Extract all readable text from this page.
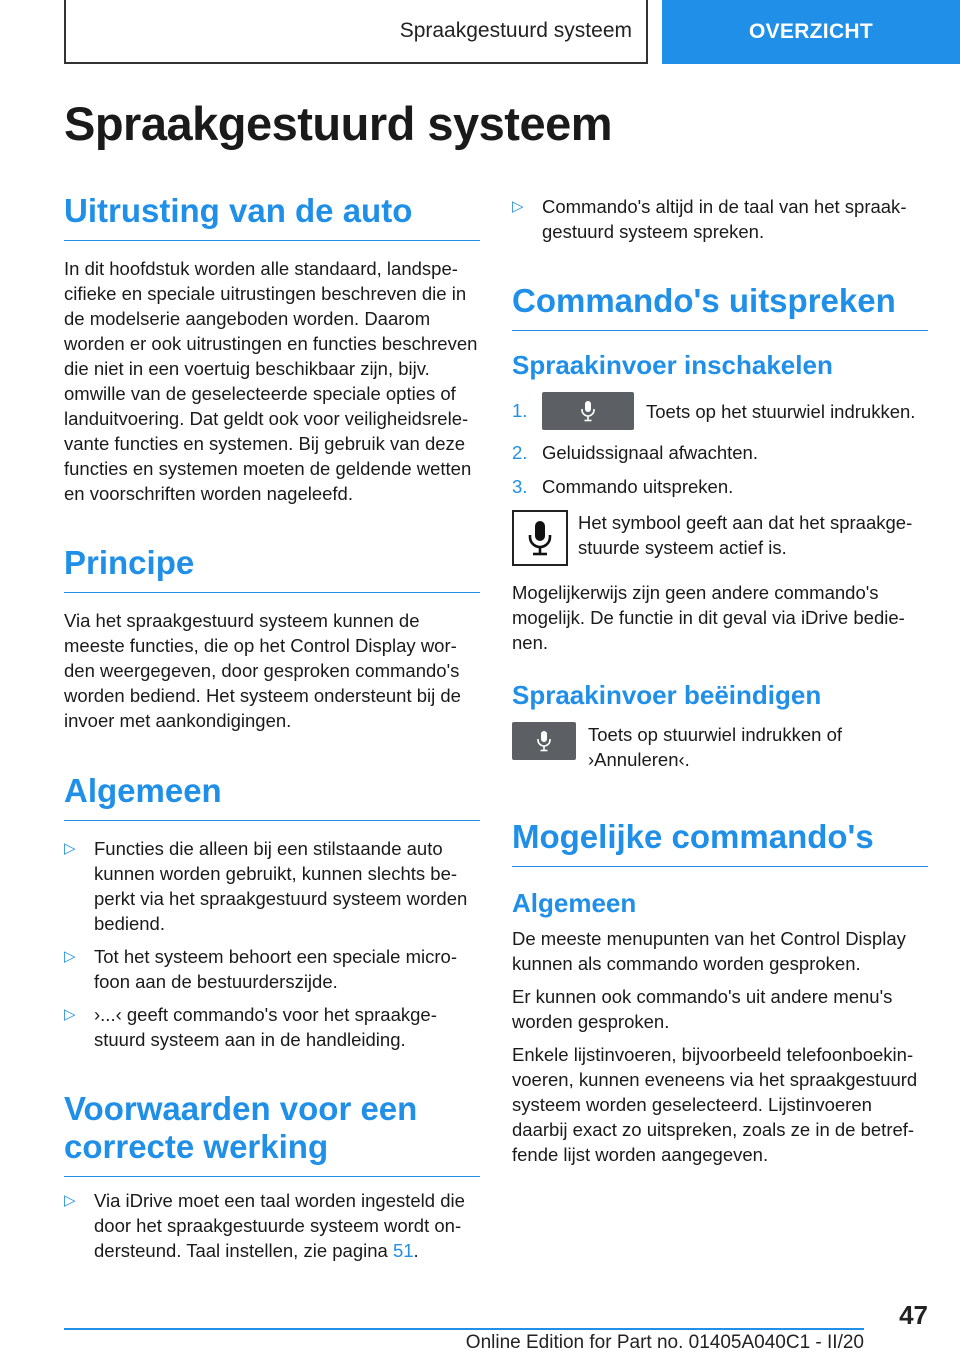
Spraakgestuurd systeem	OVERZICHT
Spraakgestuurd systeem
Uitrusting van de auto

In dit hoofdstuk worden alle standaard, landspecifieke en speciale uitrustingen beschreven die in de modelserie aangeboden worden. Daarom worden er ook uitrustingen en functies beschreven die niet in een voertuig beschikbaar zijn, bijv. omwille van de geselecteerde speciale opties of landuitvoering. Dat geldt ook voor veiligheidsrelevante functies en systemen. Bij gebruik van deze functies en systemen moeten de geldende wetten en voorschriften worden nageleefd.

Principe

Via het spraakgestuurd systeem kunnen de meeste functies, die op het Control Display worden weergegeven, door gesproken commando's worden bediend. Het systeem ondersteunt bij de invoer met aankondigingen.

Algemeen
▷ Functies die alleen bij een stilstaande auto kunnen worden gebruikt, kunnen slechts beperkt via het spraakgestuurd systeem worden bediend.
▷ Tot het systeem behoort een speciale microfoon aan de bestuurderszijde.
▷ ›...‹ geeft commando's voor het spraakgestuurd systeem aan in de handleiding.
Voorwaarden voor een correcte werking
▷ Via iDrive moet een taal worden ingesteld die door het spraakgestuurde systeem wordt ondersteund. Taal instellen, zie pagina 51.
▷ Commando's altijd in de taal van het spraakgestuurd systeem spreken.
Commando's uitspreken
Spraakinvoer inschakelen
1.	Toets op het stuurwiel indrukken.
2. Geluidssignaal afwachten.
3. Commando uitspreken.

Het symbool geeft aan dat het spraakgestuurde systeem actief is.

Mogelijkerwijs zijn geen andere commando's mogelijk. De functie in dit geval via iDrive bedienen.

Spraakinvoer beëindigen

Toets op stuurwiel indrukken of ›Annuleren‹.

Mogelijke commando's
Algemeen

De meeste menupunten van het Control Display kunnen als commando worden gesproken.

Er kunnen ook commando's uit andere menu's worden gesproken.

Enkele lijstinvoeren, bijvoorbeeld telefoonboekinvoeren, kunnen eveneens via het spraakgestuurd systeem worden geselecteerd. Lijstinvoeren daarbij exact zo uitspreken, zoals ze in de betreffende lijst worden aangegeven.

47
Online Edition for Part no. 01405A040C1 - II/20
